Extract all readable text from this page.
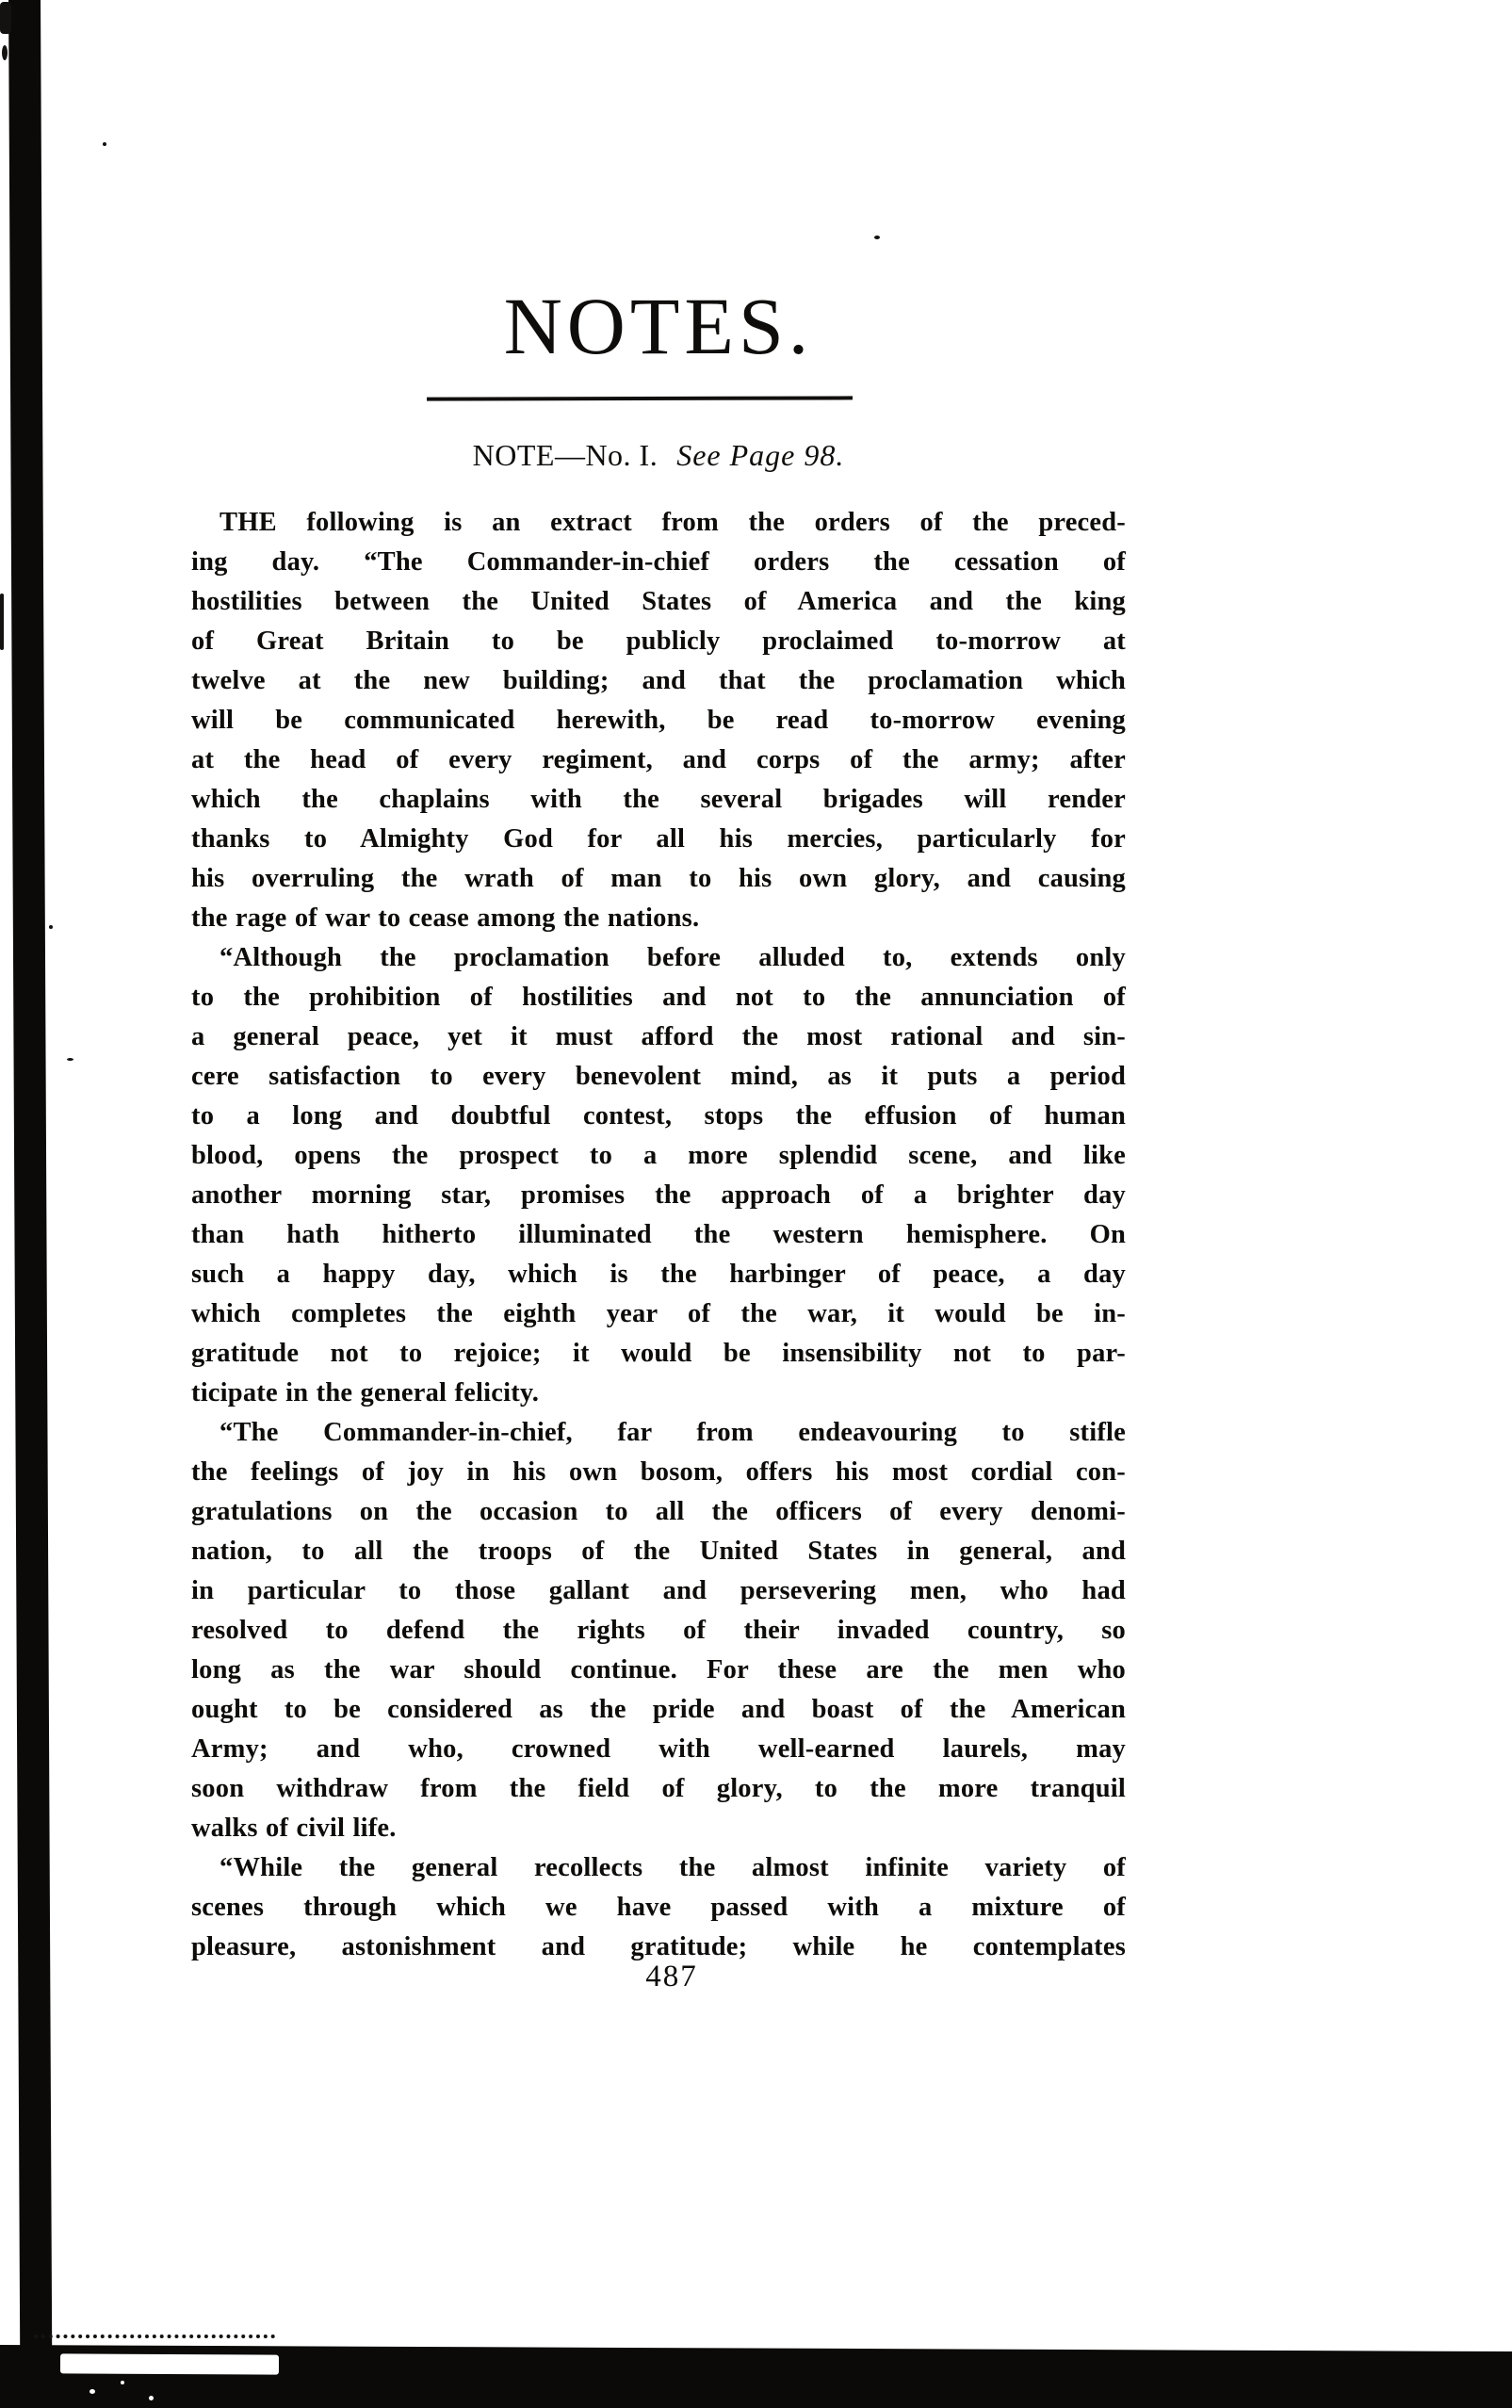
NOTES.
NOTE—No. I. See Page 98.
THE following is an extract from the orders of the preced-
ing day. “The Commander-in-chief orders the cessation of
hostilities between the United States of America and the king
of Great Britain to be publicly proclaimed to-morrow at
twelve at the new building; and that the proclamation which
will be communicated herewith, be read to-morrow evening
at the head of every regiment, and corps of the army; after
which the chaplains with the several brigades will render
thanks to Almighty God for all his mercies, particularly for
his overruling the wrath of man to his own glory, and causing
the rage of war to cease among the nations.
“Although the proclamation before alluded to, extends only
to the prohibition of hostilities and not to the annunciation of
a general peace, yet it must afford the most rational and sin-
cere satisfaction to every benevolent mind, as it puts a period
to a long and doubtful contest, stops the effusion of human
blood, opens the prospect to a more splendid scene, and like
another morning star, promises the approach of a brighter day
than hath hitherto illuminated the western hemisphere. On
such a happy day, which is the harbinger of peace, a day
which completes the eighth year of the war, it would be in-
gratitude not to rejoice; it would be insensibility not to par-
ticipate in the general felicity.
“The Commander-in-chief, far from endeavouring to stifle
the feelings of joy in his own bosom, offers his most cordial con-
gratulations on the occasion to all the officers of every denomi-
nation, to all the troops of the United States in general, and
in particular to those gallant and persevering men, who had
resolved to defend the rights of their invaded country, so
long as the war should continue. For these are the men who
ought to be considered as the pride and boast of the American
Army; and who, crowned with well-earned laurels, may
soon withdraw from the field of glory, to the more tranquil
walks of civil life.
“While the general recollects the almost infinite variety of
scenes through which we have passed with a mixture of
pleasure, astonishment and gratitude; while he contemplates
487
